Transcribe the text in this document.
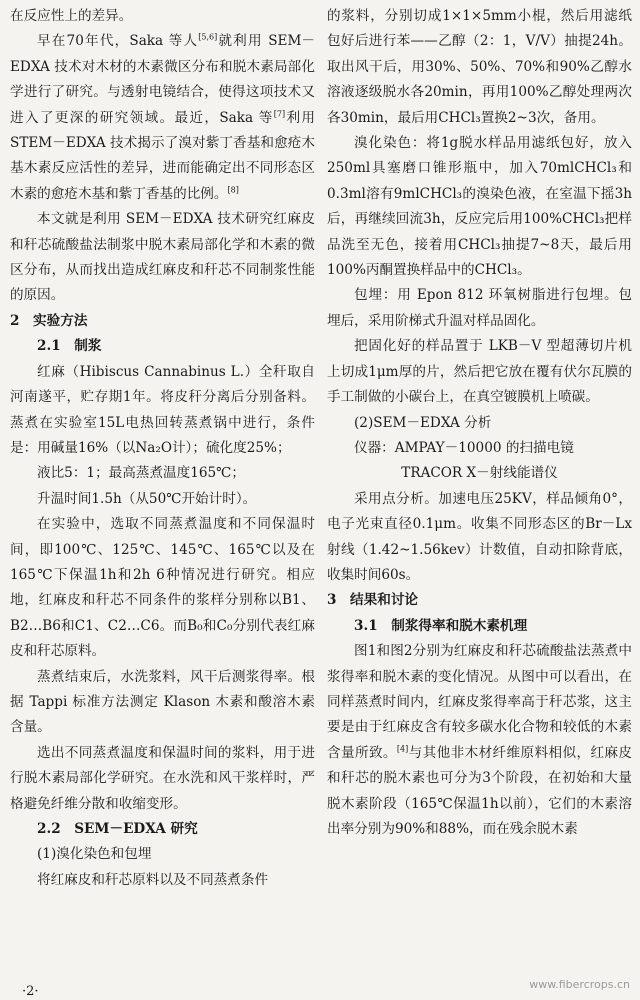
在反应性上的差异。

早在70年代，Saka 等人[5,6]就利用 SEM－EDXA 技术对木材的木素微区分布和脱木素局部化学进行了研究。与透射电镜结合，使得这项技术又进入了更深的研究领域。最近，Saka 等[7]利用 STEM－EDXA 技术揭示了溴对紫丁香基和愈疮木基木素反应活性的差异，进而能确定出不同形态区木素的愈疮木基和紫丁香基的比例。[8]

本文就是利用 SEM－EDXA 技术研究红麻皮和秆芯硫酸盐法制浆中脱木素局部化学和木素的微区分布，从而找出造成红麻皮和秆芯不同制浆性能的原因。

2　实验方法

2.1　制浆

红麻（Hibiscus Cannabinus L.）全秆取自河南遂平，贮存期1年。将皮秆分离后分别备料。蒸煮在实验室15L电热回转蒸煮锅中进行，条件是：用碱量16%（以Na₂O计）；硫化度25%；

液比5：1；最高蒸煮温度165℃；

升温时间1.5h（从50℃开始计时）。

在实验中，选取不同蒸煮温度和不同保温时间，即100℃、125℃、145℃、165℃以及在165℃下保温1h和2h 6种情况进行研究。相应地，红麻皮和秆芯不同条件的浆样分别称以B1、B2…B6和C1、C2…C6。而B₀和C₀分别代表红麻皮和秆芯原料。

蒸煮结束后，水洗浆料，风干后测浆得率。根据 Tappi 标准方法测定 Klason 木素和酸溶木素含量。

选出不同蒸煮温度和保温时间的浆料，用于进行脱木素局部化学研究。在水洗和风干浆样时，严格避免纤维分散和收缩变形。

2.2　SEM－EDXA 研究

(1)溴化染色和包埋

将红麻皮和秆芯原料以及不同蒸煮条件

的浆料，分别切成1×1×5mm小棍，然后用滤纸包好后进行苯——乙醇（2：1，V/V）抽提24h。取出风干后，用30%、50%、70%和90%乙醇水溶液逐级脱水各20min，再用100%乙醇处理两次各30min，最后用CHCl₃置换2~3次，备用。

溴化染色：将1g脱水样品用滤纸包好，放入250ml具塞磨口锥形瓶中，加入70mlCHCl₃和0.3ml溶有9mlCHCl₃的溴染色液，在室温下摇3h后，再继续回流3h，反应完后用100%CHCl₃把样品洗至无色，接着用CHCl₃抽提7~8天，最后用100%丙酮置换样品中的CHCl₃。

包埋：用 Epon 812 环氧树脂进行包埋。包埋后，采用阶梯式升温对样品固化。

把固化好的样品置于 LKB－V 型超薄切片机上切成1μm厚的片，然后把它放在覆有伏尔瓦膜的手工制做的小碳台上，在真空镀膜机上喷碳。

(2)SEM－EDXA 分析

仪器：AMPAY－10000 的扫描电镜

TRACOR X－射线能谱仪

采用点分析。加速电压25KV，样品倾角0°，电子光束直径0.1μm。收集不同形态区的Br－Lx射线（1.42~1.56kev）计数值，自动扣除背底，收集时间60s。

3　结果和讨论

3.1　制浆得率和脱木素机理

图1和图2分别为红麻皮和秆芯硫酸盐法蒸煮中浆得率和脱木素的变化情况。从图中可以看出，在同样蒸煮时间内，红麻皮浆得率高于秆芯浆，这主要是由于红麻皮含有较多碳水化合物和较低的木素含量所致。[4]与其他非木材纤维原料相似，红麻皮和秆芯的脱木素也可分为3个阶段，在初始和大量脱木素阶段（165℃保温1h以前），它们的木素溶出率分别为90%和88%，而在残余脱木素

·2·	www.fibercrops.cn
